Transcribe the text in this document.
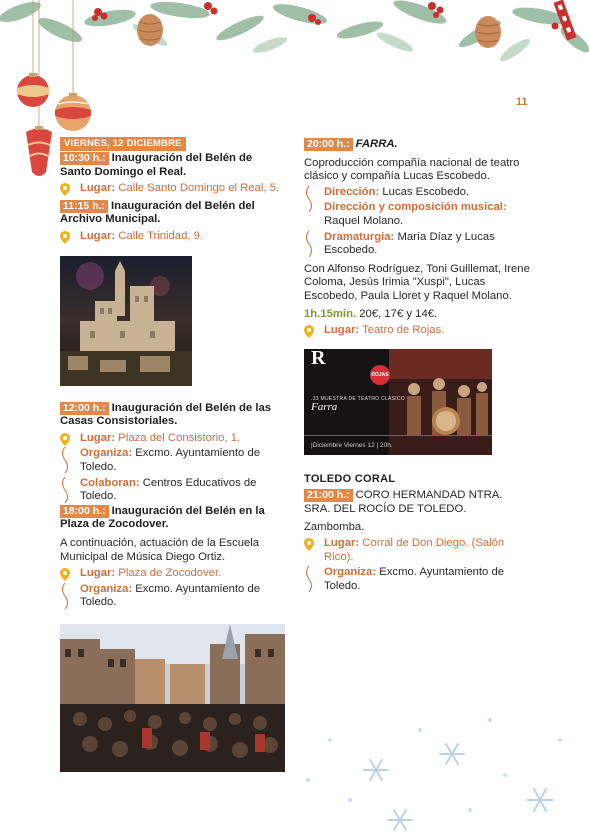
11
VIERNES, 12 DICIEMBRE
10:30 h.: Inauguración del Belén de Santo Domingo el Real.
Lugar: Calle Santo Domingo el Real, 5.
11:15 h.: Inauguración del Belén del Archivo Municipal.
Lugar: Calle Trinidad, 9.
12:00 h.: Inauguración del Belén de las Casas Consistoriales.
Lugar: Plaza del Consistorio, 1.
Organiza: Excmo. Ayuntamiento de Toledo.
Colaboran: Centros Educativos de Toledo.
18:00 h.: Inauguración del Belén en la Plaza de Zocodover.
A continuación, actuación de la Escuela Municipal de Música Diego Ortiz.
Lugar: Plaza de Zocodover.
Organiza: Excmo. Ayuntamiento de Toledo.
20:00 h.: FARRA.
Coproducción compañía nacional de teatro clásico y compañía Lucas Escobedo.
Dirección: Lucas Escobedo.
Dirección y composición musical: Raquel Molano.
Dramaturgia: María Díaz y Lucas Escobedo.
Con Alfonso Rodríguez, Toni Guillemat, Irene Coloma, Jesús Irimia "Xuspi", Lucas Escobedo, Paula Lloret y Raquel Molano.
1h.15min. 20€, 17€ y 14€.
Lugar: Teatro de Rojas.
R
ROJAS
.33 MUESTRA DE TEATRO CLÁSICO
Farra
|Diciembre Viernes 12 | 20h.
TOLEDO CORAL
21:00 h.: CORO HERMANDAD NTRA. SRA. DEL ROCÍO DE TOLEDO.
Zambomba.
Lugar: Corral de Don Diego. (Salón Rico).
Organiza: Excmo. Ayuntamiento de Toledo.
